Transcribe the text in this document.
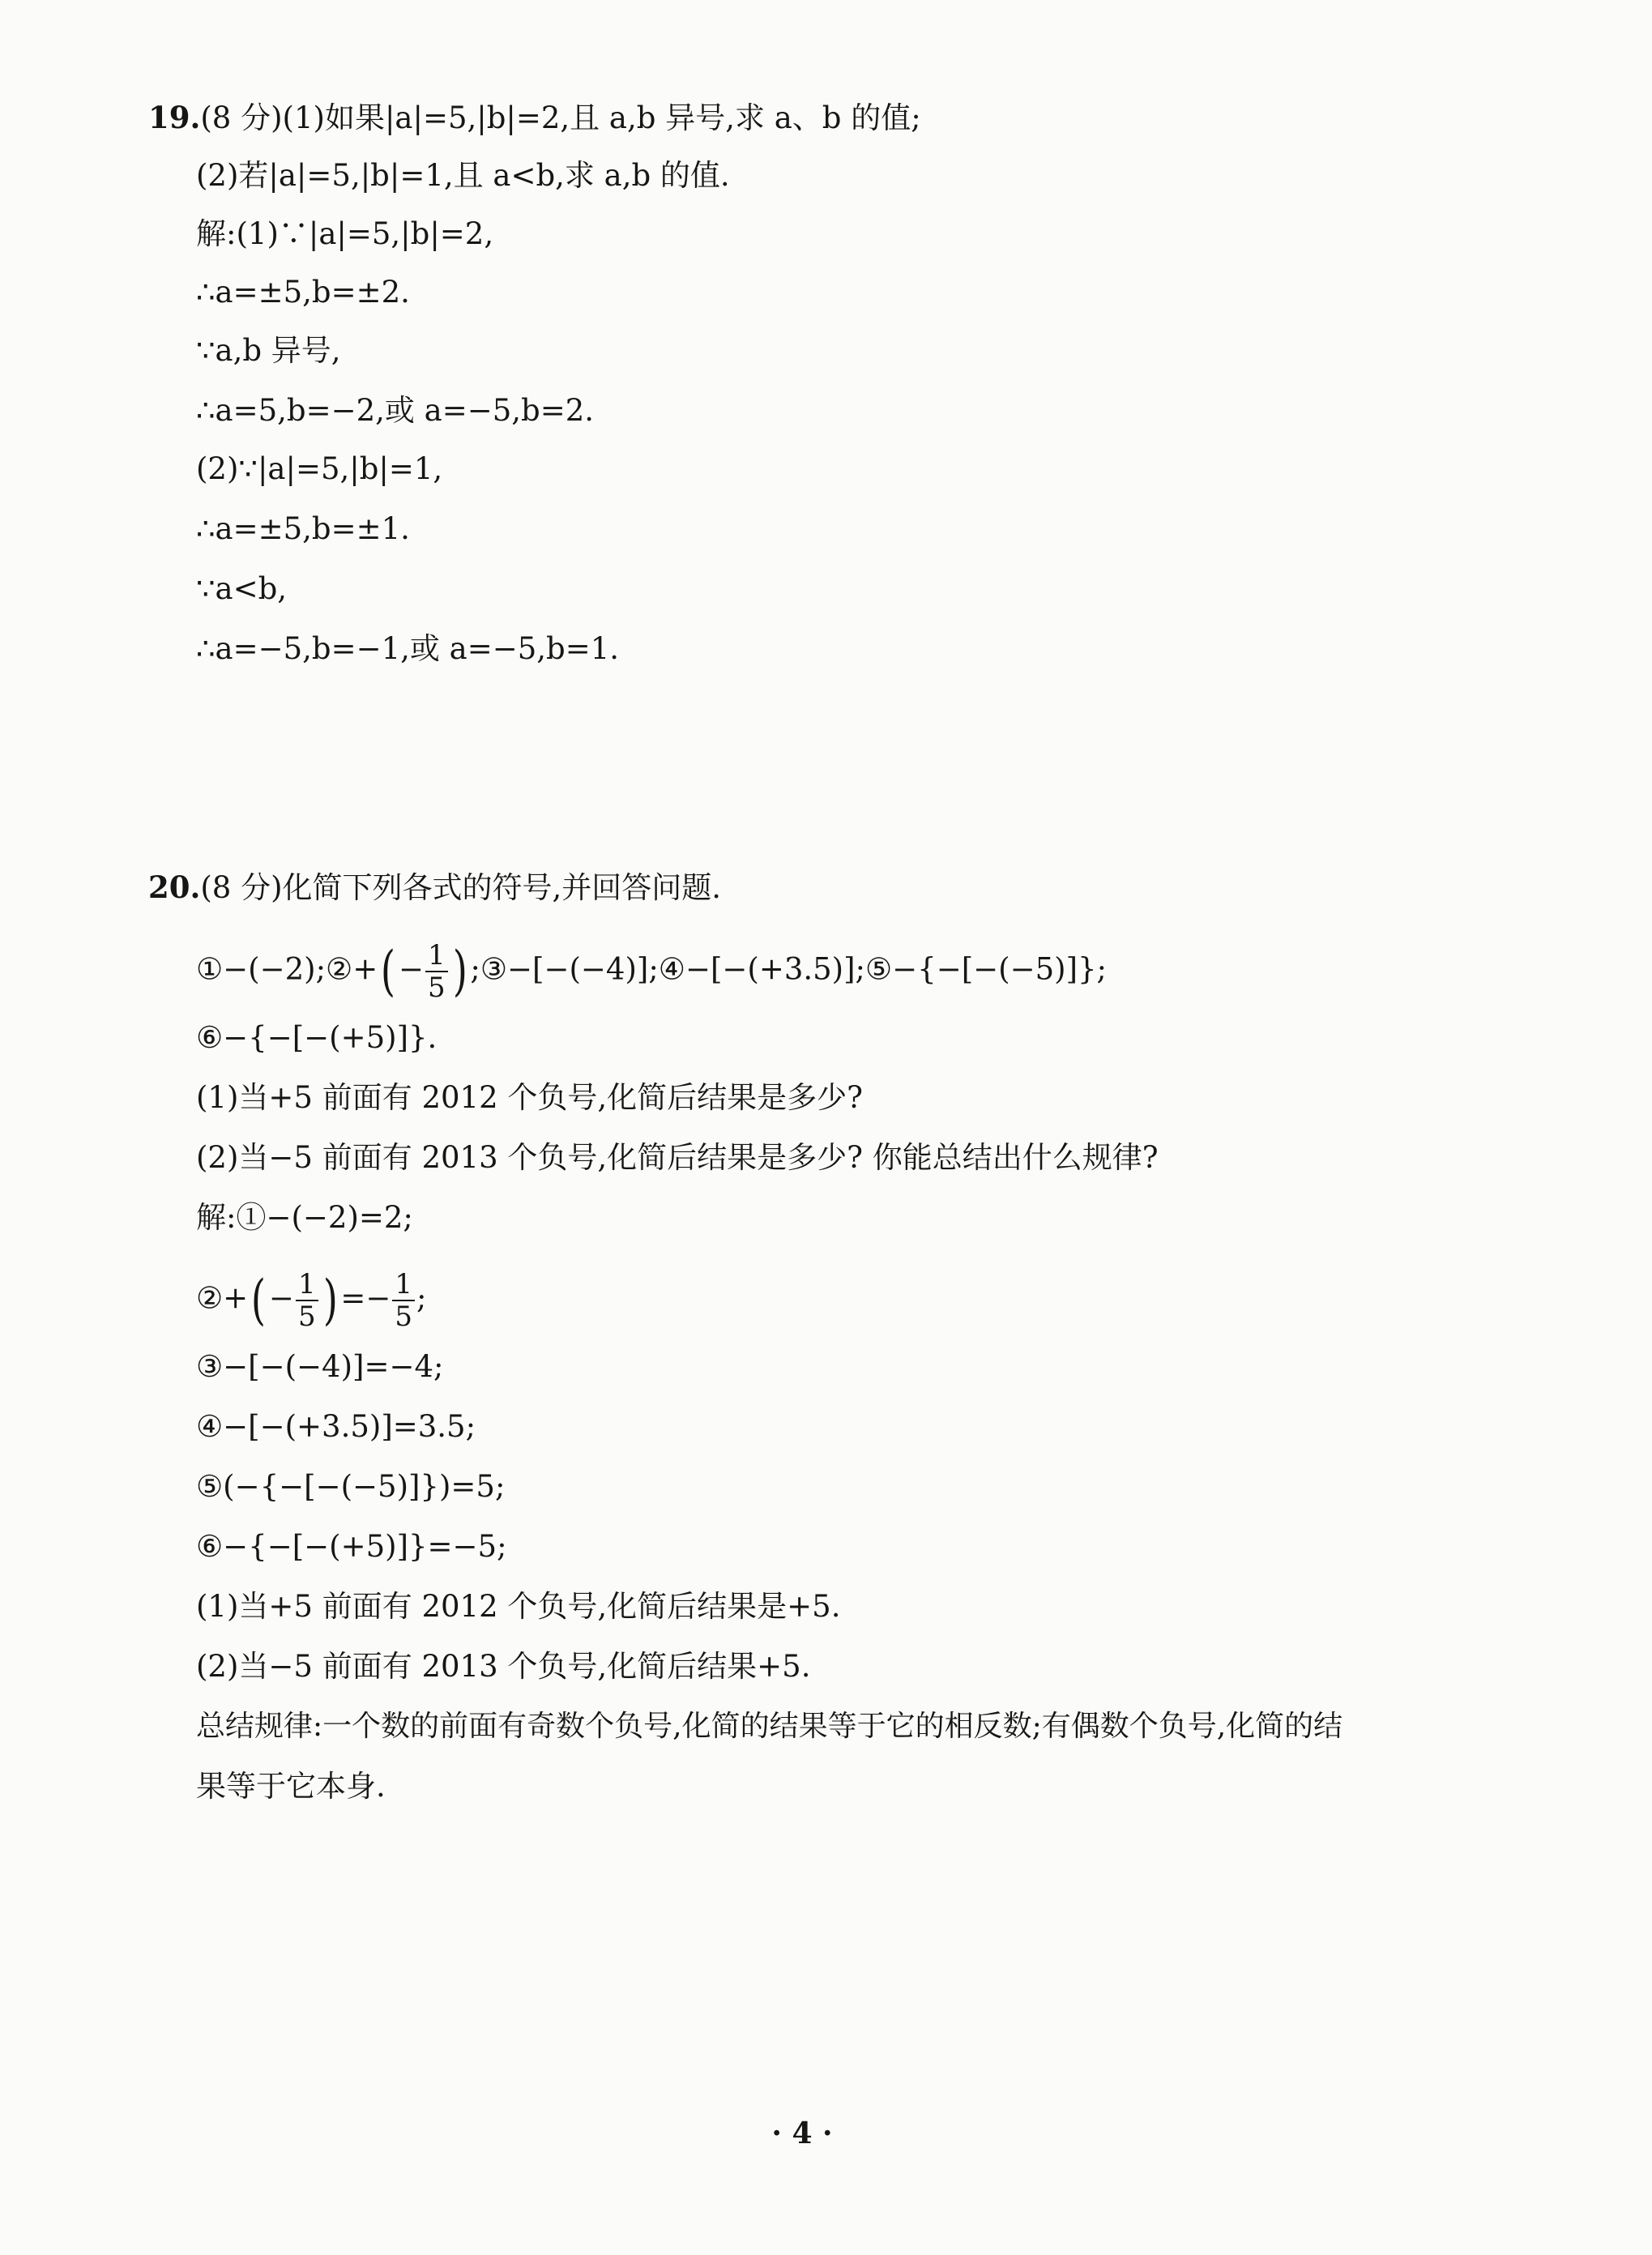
19.(8 分)(1)如果|a|=5,|b|=2,且 a,b 异号,求 a、b 的值;
(2)若|a|=5,|b|=1,且 a<b,求 a,b 的值.
解:(1)∵|a|=5,|b|=2,
∴a=±5,b=±2.
∵a,b 异号,
∴a=5,b=−2,或 a=−5,b=2.
(2)∵|a|=5,|b|=1,
∴a=±5,b=±1.
∵a<b,
∴a=−5,b=−1,或 a=−5,b=1.
20.(8 分)化简下列各式的符号,并回答问题.
①−(−2);②+( − $\frac{1}{5}$ ) ;③−[−(−4)];④−[−(+3.5)];⑤−{−[−(−5)]};
⑥−{−[−(+5)]}.
(1)当+5 前面有 2012 个负号,化简后结果是多少?
(2)当−5 前面有 2013 个负号,化简后结果是多少? 你能总结出什么规律?
解:①−(−2)=2;
②+( − $\frac{1}{5}$ ) =− $\frac{1}{5}$ ;
③−[−(−4)]=−4;
④−[−(+3.5)]=3.5;
⑤(−{−[−(−5)]})=5;
⑥−{−[−(+5)]}=−5;
(1)当+5 前面有 2012 个负号,化简后结果是+5.
(2)当−5 前面有 2013 个负号,化简后结果+5.
总结规律:一个数的前面有奇数个负号,化简的结果等于它的相反数;有偶数个负号,化简的结
果等于它本身.
· 4 ·
